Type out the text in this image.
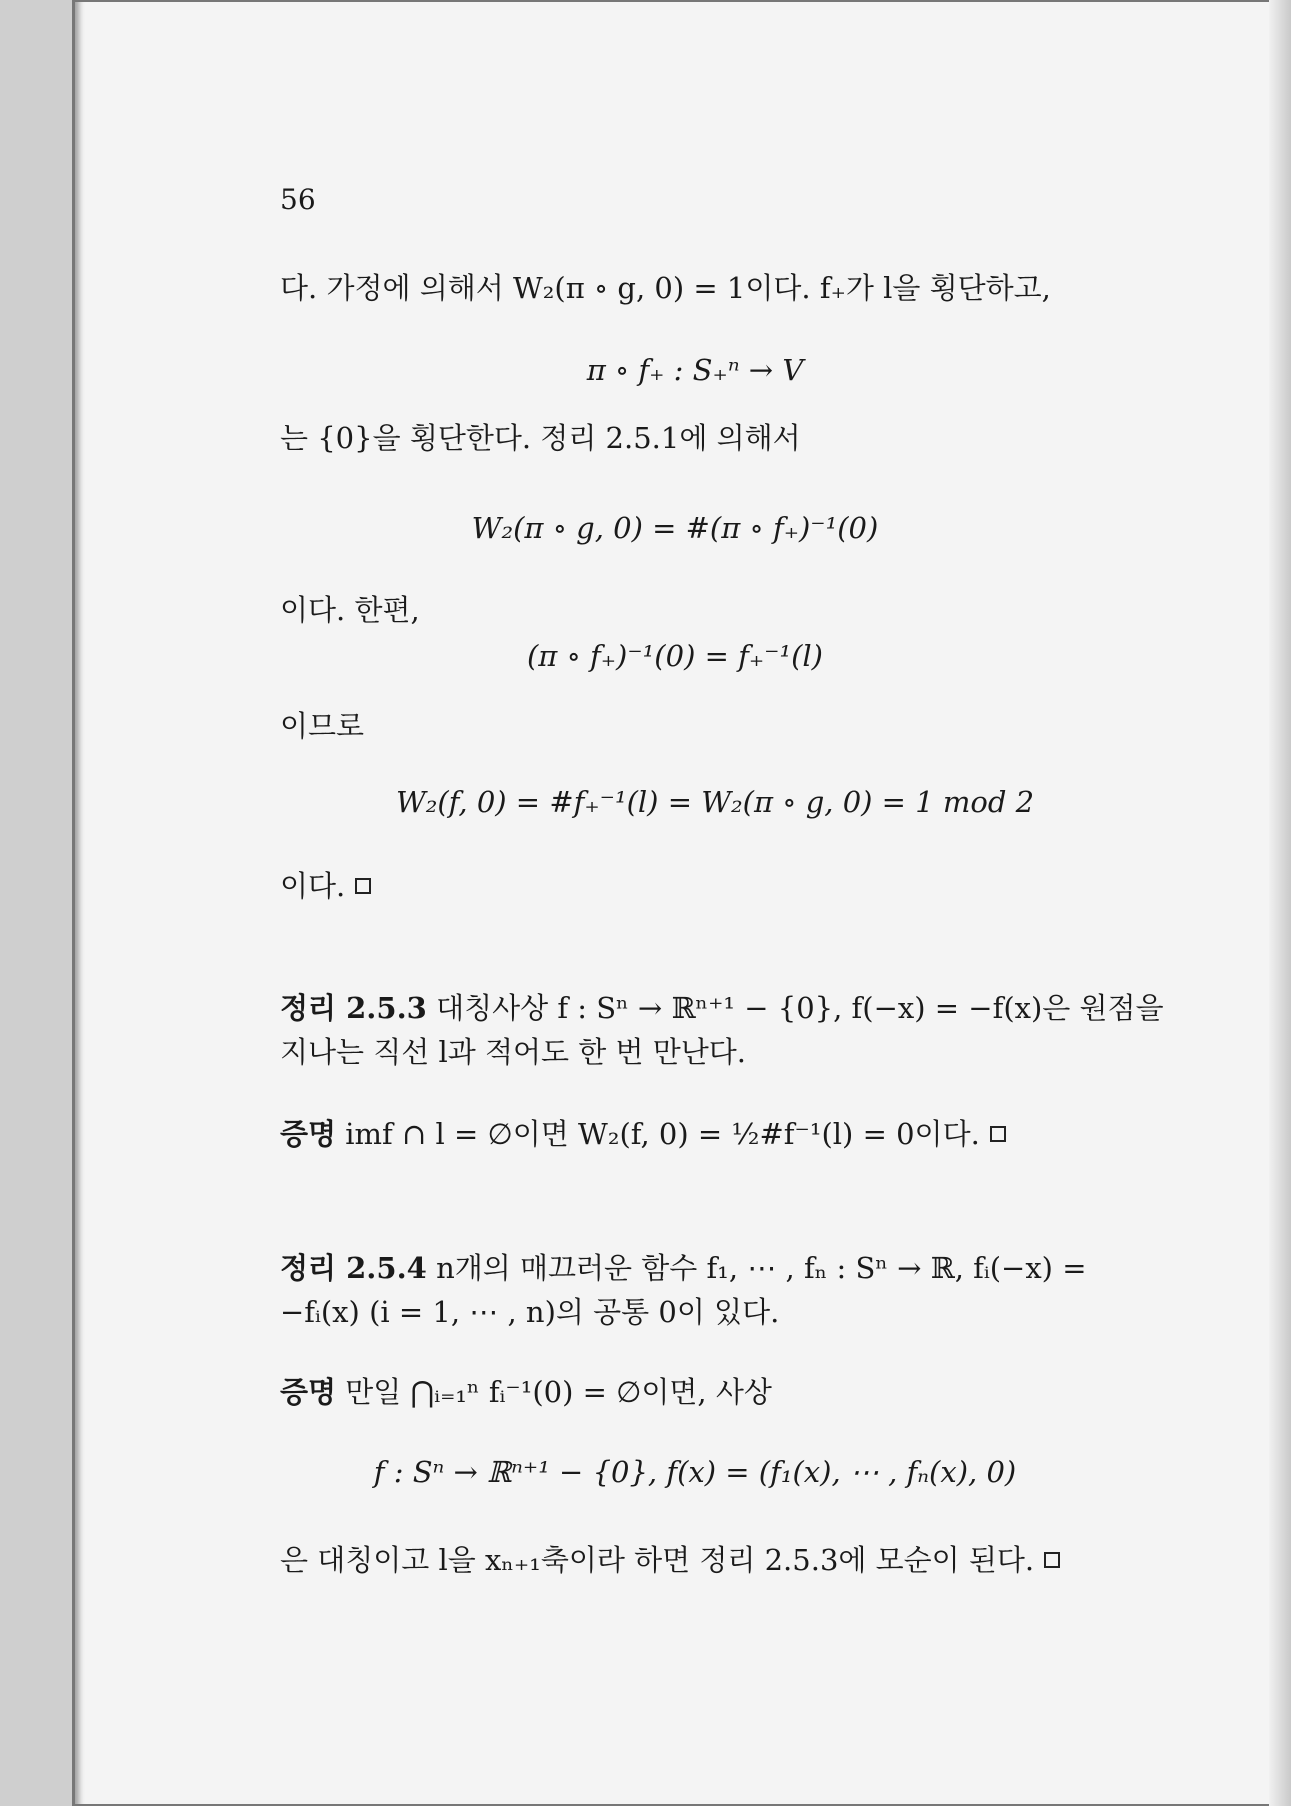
56
다. 가정에 의해서 W₂(π ∘ g, 0) = 1이다. f₊가 l을 횡단하고,
π ∘ f₊ : S₊ⁿ → V
는 {0}을 횡단한다. 정리 2.5.1에 의해서
W₂(π ∘ g, 0) = #(π ∘ f₊)⁻¹(0)
이다. 한편,
(π ∘ f₊)⁻¹(0) = f₊⁻¹(l)
이므로
W₂(f, 0) = #f₊⁻¹(l) = W₂(π ∘ g, 0) = 1 mod 2
이다.
정리 2.5.3 대칭사상 f : Sⁿ → ℝⁿ⁺¹ − {0}, f(−x) = −f(x)은 원점을
지나는 직선 l과 적어도 한 번 만난다.
증명 imf ∩ l = ∅이면 W₂(f, 0) = ½#f⁻¹(l) = 0이다.
정리 2.5.4 n개의 매끄러운 함수 f₁, ⋯ , fₙ : Sⁿ → ℝ, fᵢ(−x) =
−fᵢ(x) (i = 1, ⋯ , n)의 공통 0이 있다.
증명 만일 ⋂ᵢ₌₁ⁿ fᵢ⁻¹(0) = ∅이면, 사상
f : Sⁿ → ℝⁿ⁺¹ − {0}, f(x) = (f₁(x), ⋯ , fₙ(x), 0)
은 대칭이고 l을 xₙ₊₁축이라 하면 정리 2.5.3에 모순이 된다.
